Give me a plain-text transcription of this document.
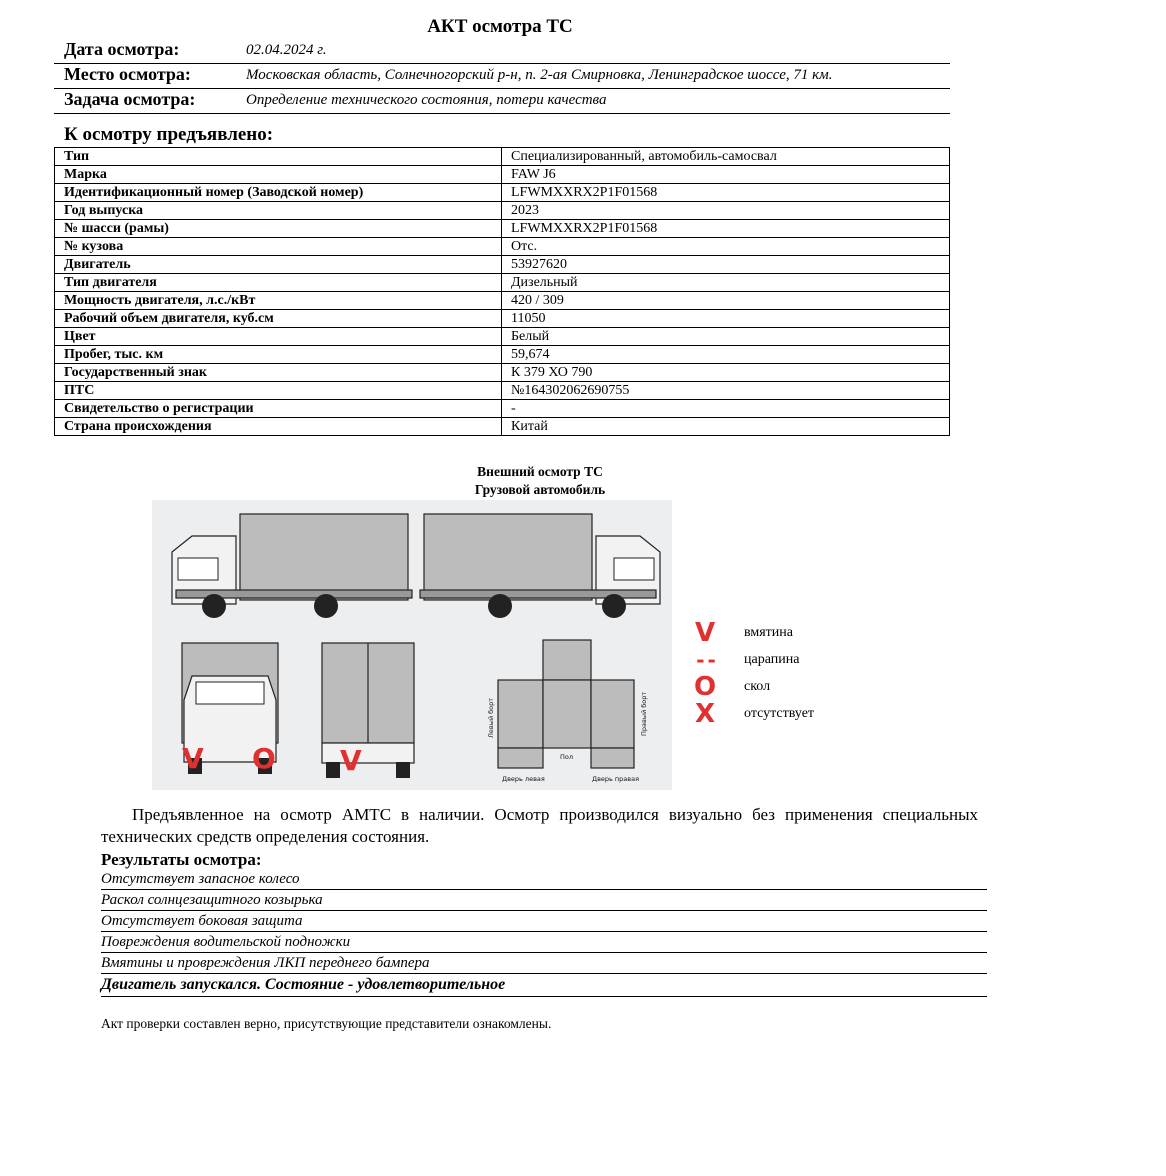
АКТ осмотра ТС
Дата осмотра:	02.04.2024 г.
Место осмотра:	Московская область, Солнечногорский р-н, п. 2-ая Смирновка, Ленинградское шоссе, 71 км.
Задача осмотра:	Определение технического состояния, потери качества
К осмотру предъявлено:
Тип	Специализированный, автомобиль-самосвал
Марка	FAW J6
Идентификационный номер (Заводской номер)	LFWMXXRX2P1F01568
Год выпуска	2023
№ шасси (рамы)	LFWMXXRX2P1F01568
№ кузова	Отс.
Двигатель	53927620
Тип двигателя	Дизельный
Мощность двигателя, л.с./кВт	420 / 309
Рабочий объем двигателя, куб.см	11050
Цвет	Белый
Пробег, тыс. км	59,674
Государственный знак	К 379 ХО 790
ПТС	№164302062690755
Свидетельство о регистрации	-
Страна происхождения	Китай
Внешний осмотр ТС
Грузовой автомобиль
Левый борт	Правый борт
Пол
Дверь левая	Дверь правая
V O V
V	вмятина
- -	царапина
O скол
X	отсутствует
Предъявленное на осмотр АМТС в наличии. Осмотр производился визуально без применения специальных технических средств определения состояния.
Результаты осмотра:
Отсутствует запасное колесо
Раскол солнцезащитного козырька
Отсутствует боковая защита
Повреждения водительской подножки
Вмятины и провреждения ЛКП переднего бампера
Двигатель запускался. Состояние - удовлетворительное
Акт проверки составлен верно, присутствующие представители ознакомлены.
